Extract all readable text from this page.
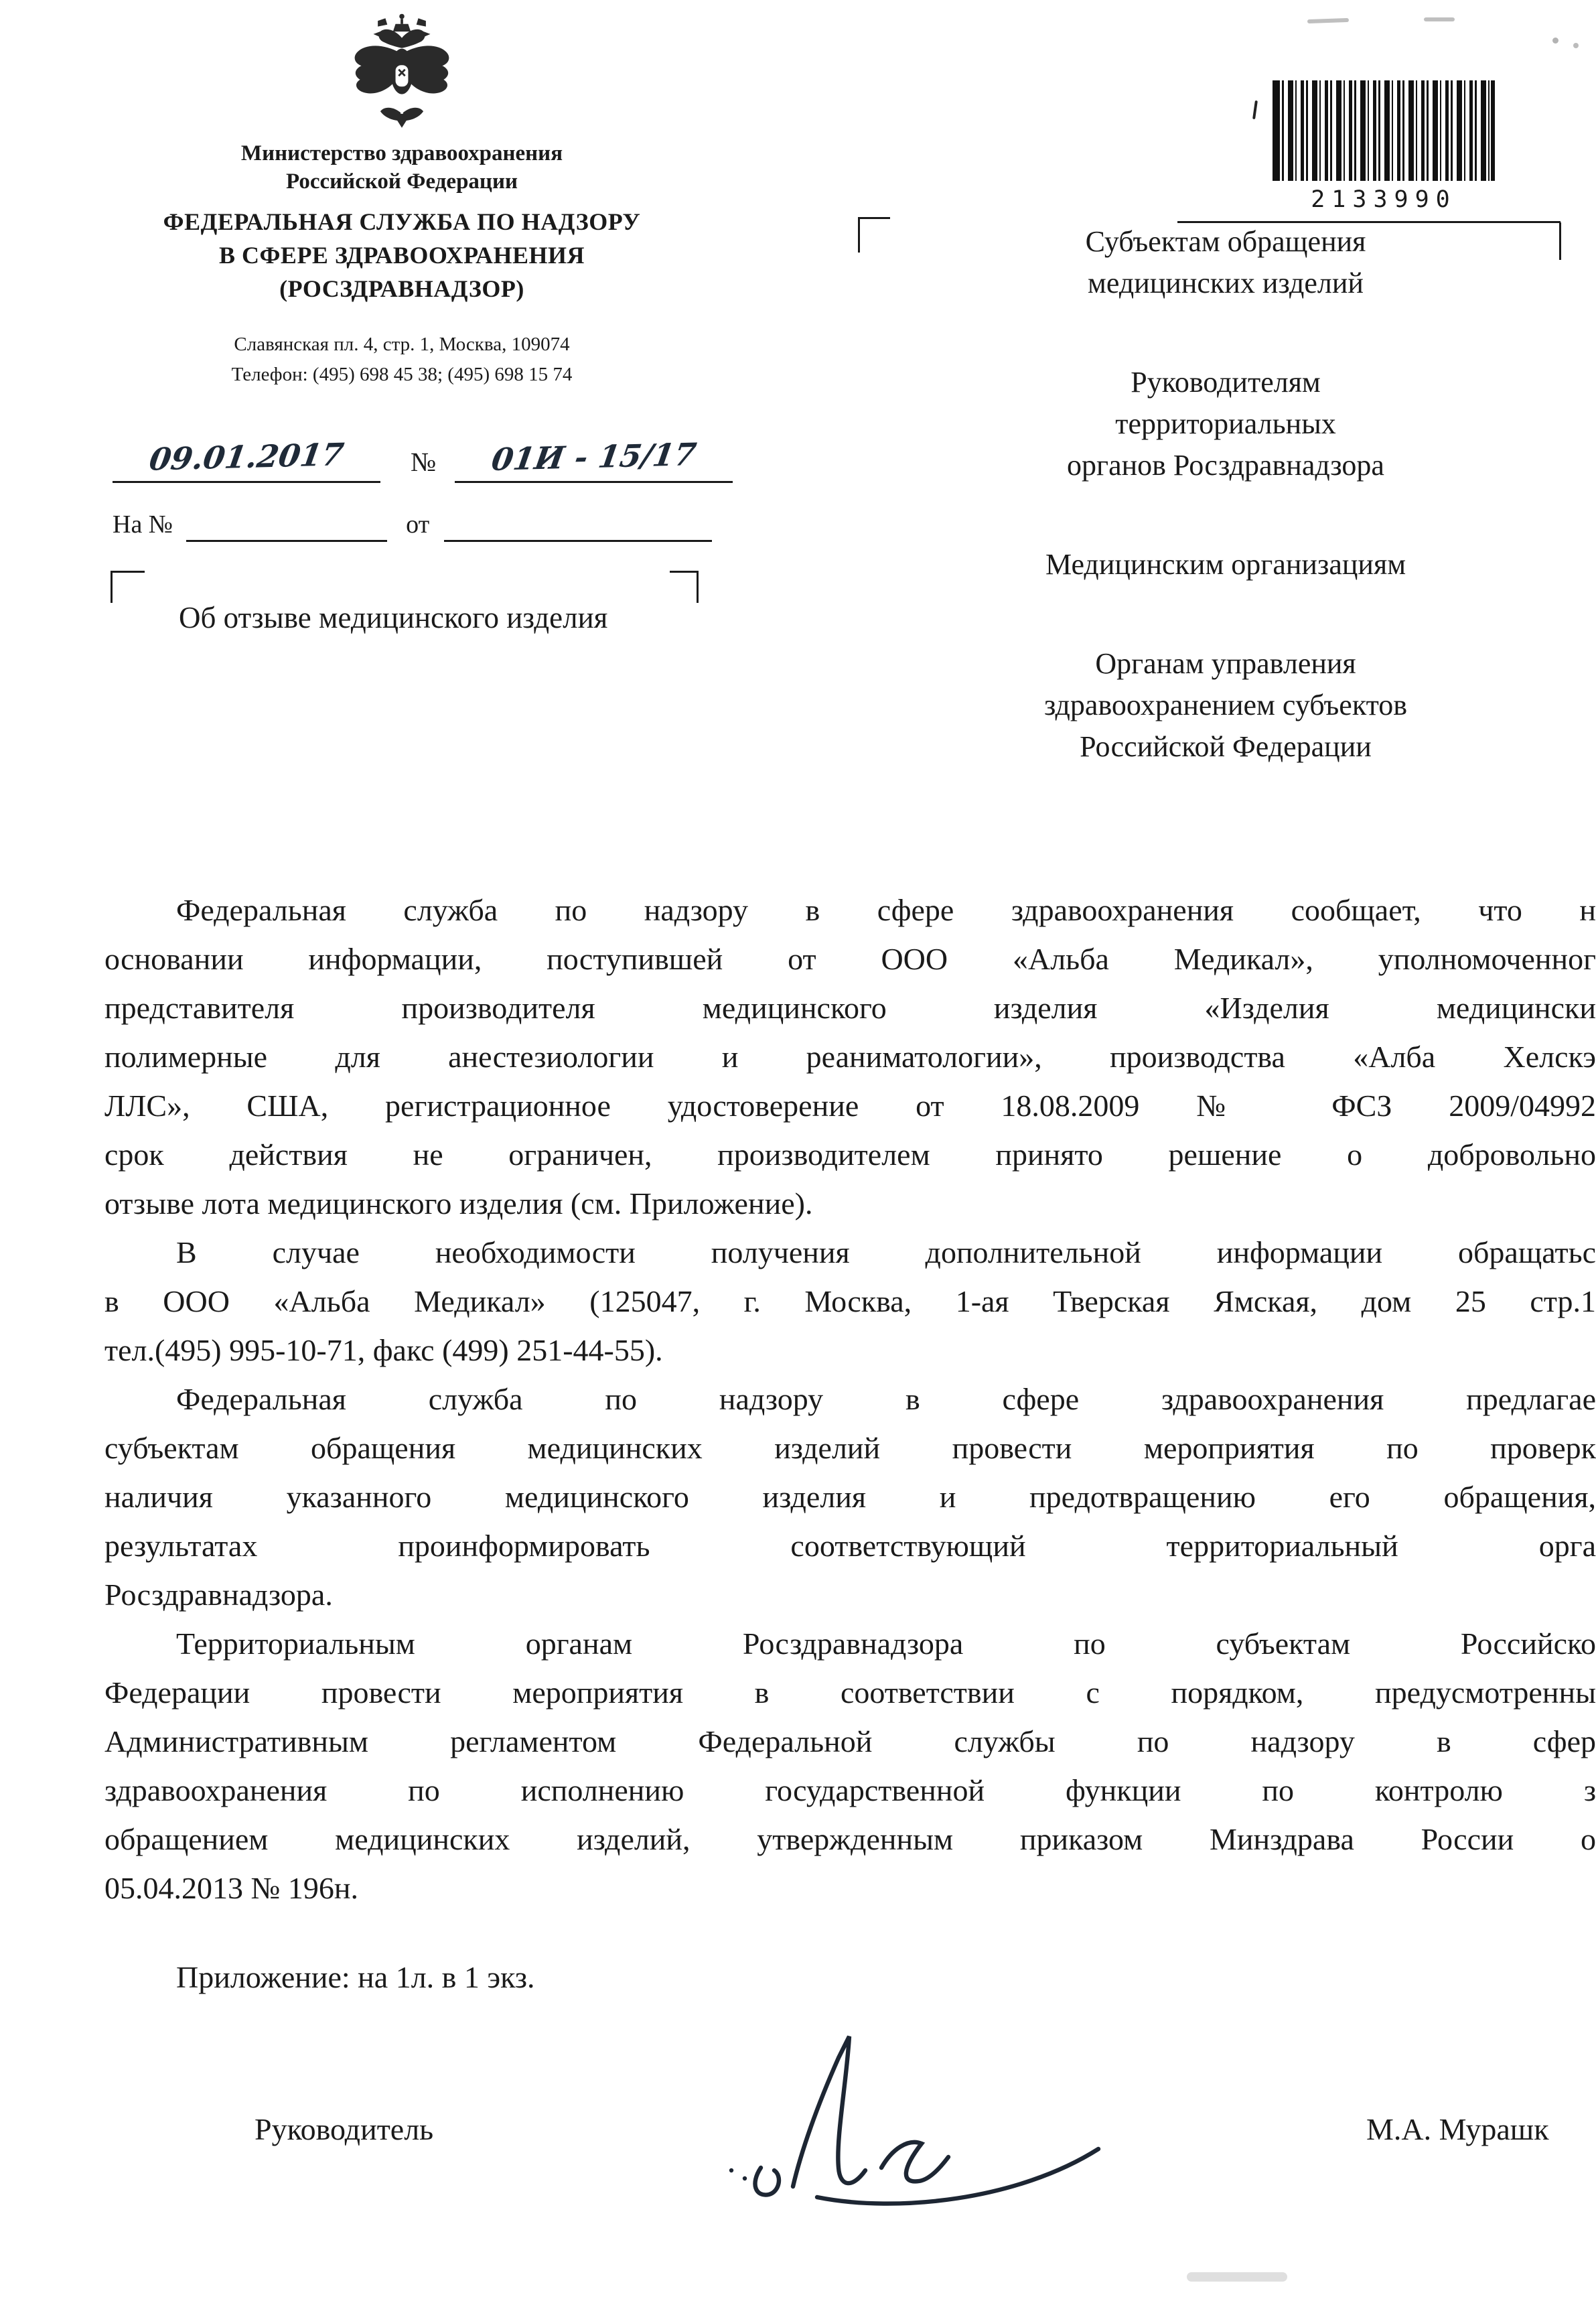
Министерство здравоохранения
Российской Федерации
ФЕДЕРАЛЬНАЯ СЛУЖБА ПО НАДЗОРУ
В СФЕРЕ ЗДРАВООХРАНЕНИЯ
(РОСЗДРАВНАДЗОР)
Славянская пл. 4, стр. 1, Москва, 109074
Телефон: (495) 698 45 38; (495) 698 15 74
09.01.2017	№	01И - 15/17
На №
	от

Об отзыве медицинского изделия
2133990
Субъектам обращения
медицинских изделий
Руководителям
территориальных
органов Росздравнадзора
Медицинским организациям
Органам управления
здравоохранением субъектов
Российской Федерации
Федеральная служба по надзору в сфере здравоохранения сообщает, что н
основании информации, поступившей от ООО «Альба Медикал», уполномоченног
представителя производителя медицинского изделия «Изделия медицински
полимерные для анестезиологии и реаниматологии», производства «Алба Хелскэ
ЛЛС», США, регистрационное удостоверение от 18.08.2009 № ФСЗ 2009/04992
срок действия не ограничен, производителем принято решение о добровольно
отзыве лота медицинского изделия (см. Приложение).
В случае необходимости получения дополнительной информации обращатьс
в ООО «Альба Медикал» (125047, г. Москва, 1-ая Тверская Ямская, дом 25 стр.1
тел.(495) 995-10-71, факс (499) 251-44-55).
Федеральная служба по надзору в сфере здравоохранения предлагае
субъектам обращения медицинских изделий провести мероприятия по проверк
наличия указанного медицинского изделия и предотвращению его обращения,
результатах проинформировать соответствующий территориальный орга
Росздравнадзора.
Территориальным органам Росздравнадзора по субъектам Российско
Федерации провести мероприятия в соответствии с порядком, предусмотренны
Административным регламентом Федеральной службы по надзору в сфер
здравоохранения по исполнению государственной функции по контролю з
обращением медицинских изделий, утвержденным приказом Минздрава России о
05.04.2013 № 196н.
Приложение: на 1л. в 1 экз.
Руководитель	М.А. Мурашк
